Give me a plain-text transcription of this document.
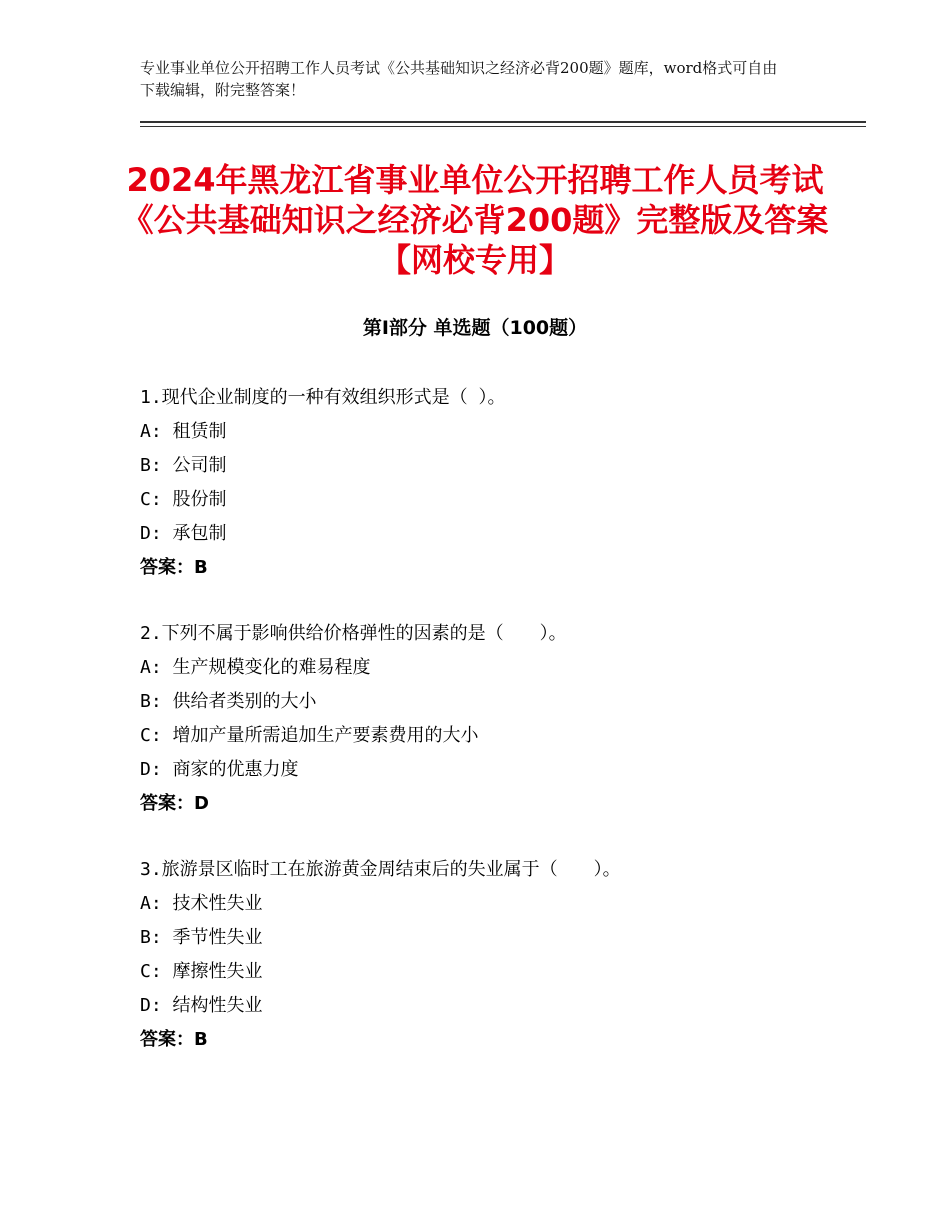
专业事业单位公开招聘工作人员考试《公共基础知识之经济必背200题》题库，word格式可自由下载编辑，附完整答案！
2024年黑龙江省事业单位公开招聘工作人员考试《公共基础知识之经济必背200题》完整版及答案【网校专用】
第Ⅰ部分 单选题（100题）
1.现代企业制度的一种有效组织形式是（ ）。
A: 租赁制
B: 公司制
C: 股份制
D: 承包制
答案：B
2.下列不属于影响供给价格弹性的因素的是（　　）。
A: 生产规模变化的难易程度
B: 供给者类别的大小
C: 增加产量所需追加生产要素费用的大小
D: 商家的优惠力度
答案：D
3.旅游景区临时工在旅游黄金周结束后的失业属于（　　）。
A: 技术性失业
B: 季节性失业
C: 摩擦性失业
D: 结构性失业
答案：B
